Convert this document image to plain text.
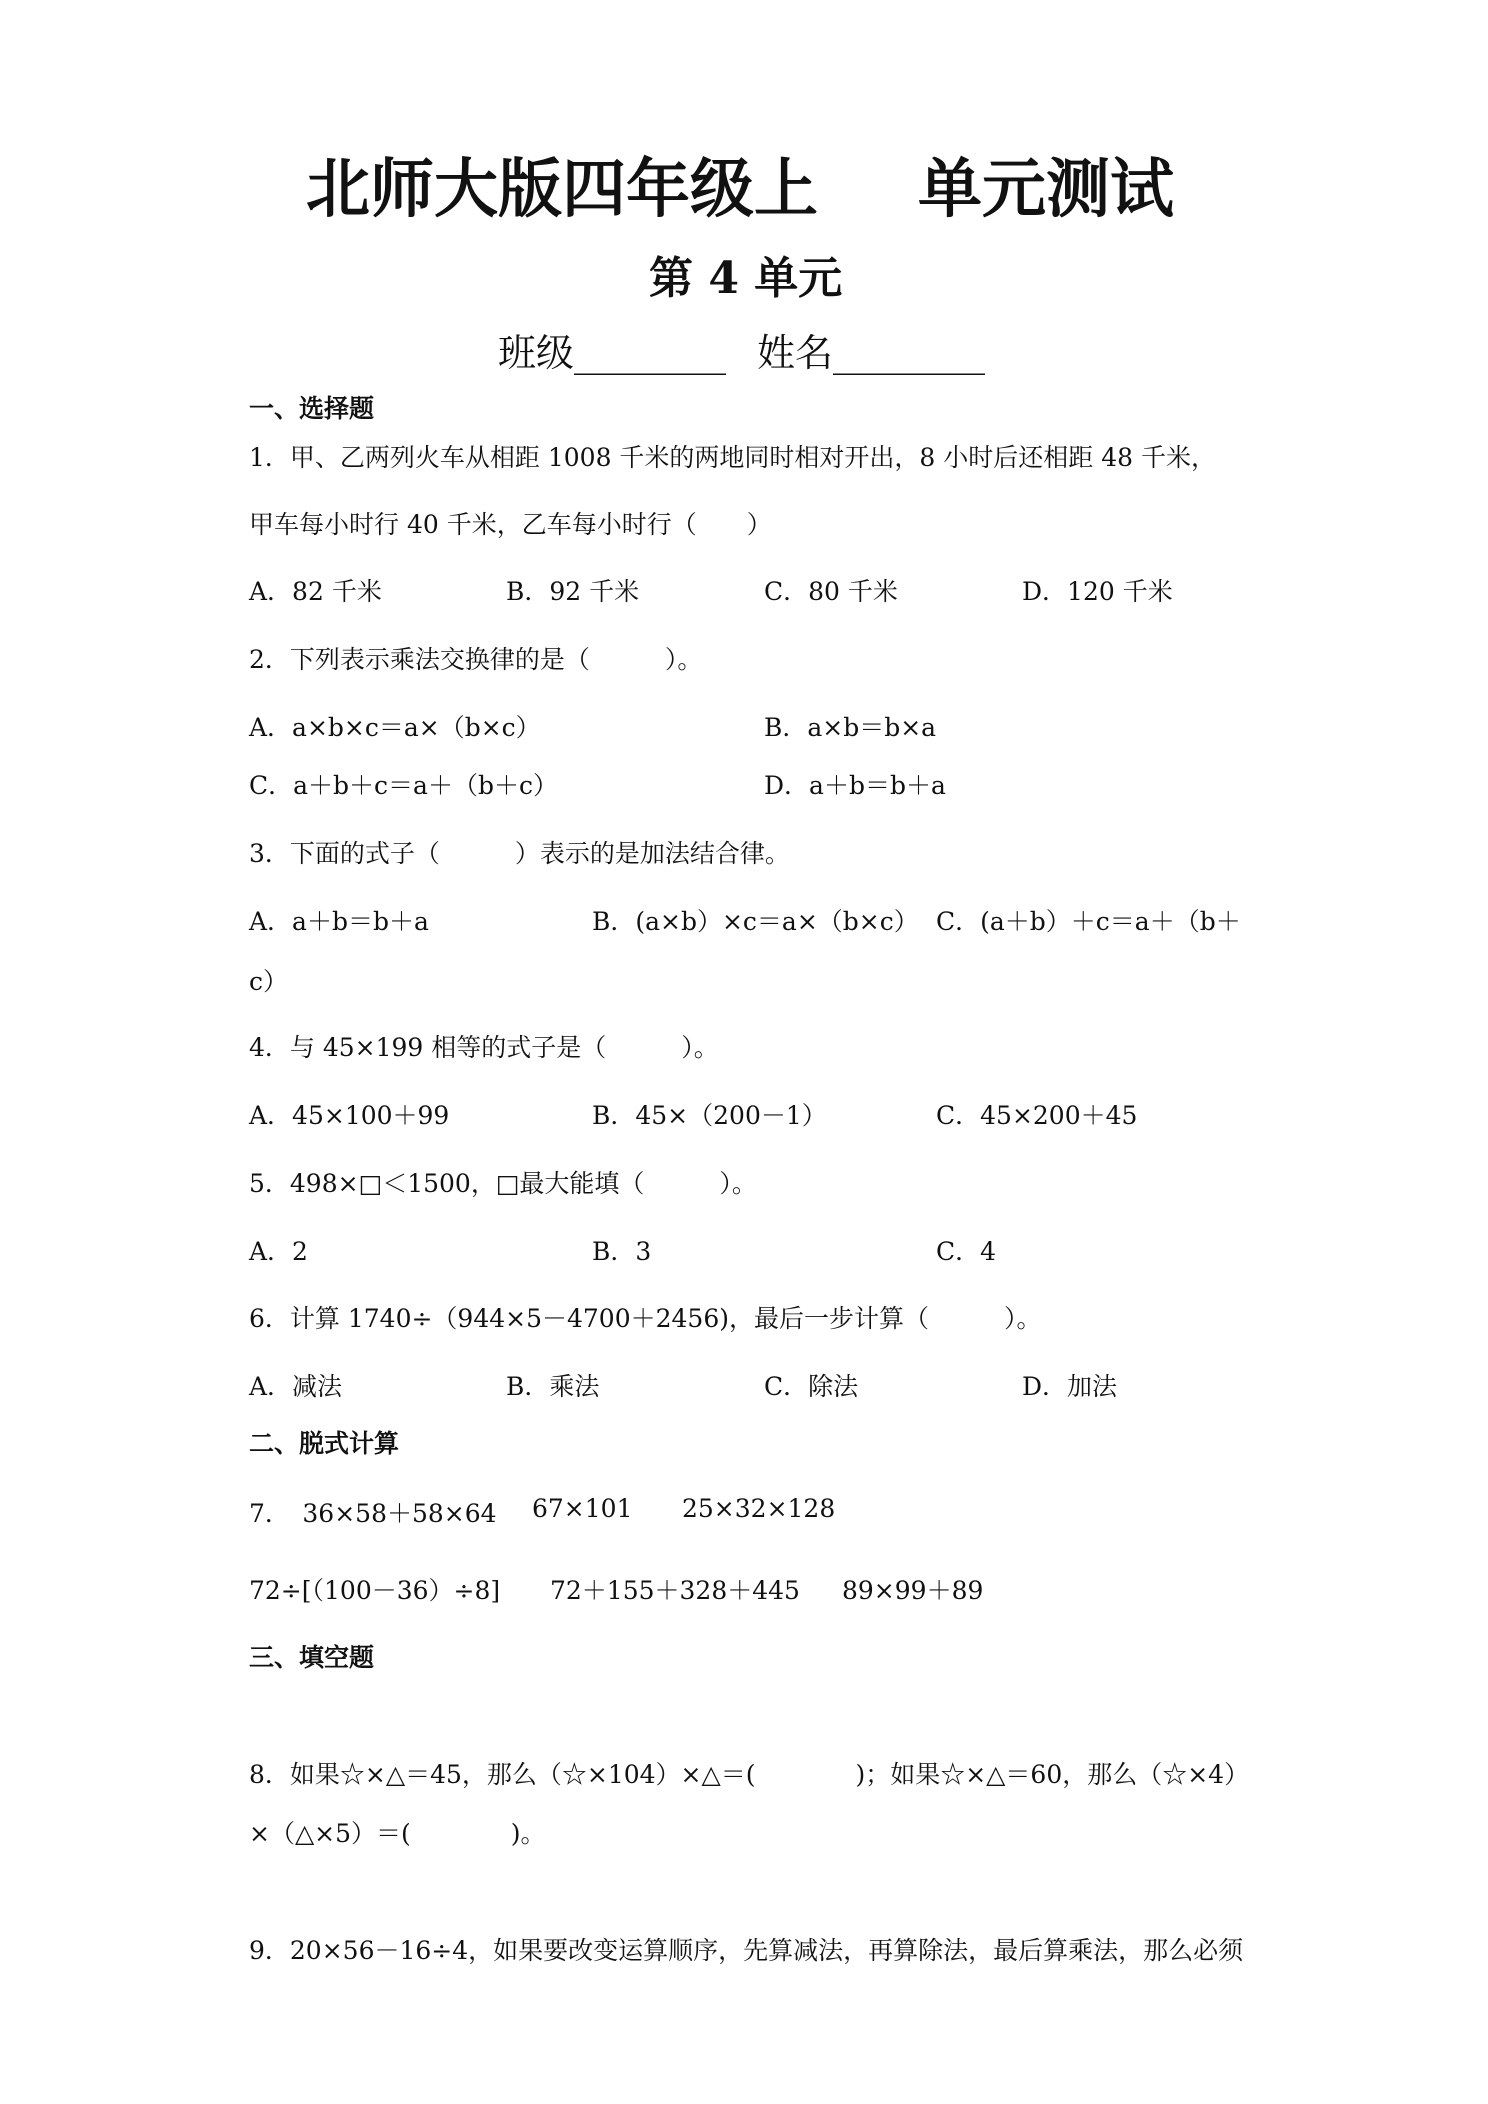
北师大版四年级上 单元测试
第 4 单元
班级________ 姓名________
一、选择题
1．甲、乙两列火车从相距 1008 千米的两地同时相对开出，8 小时后还相距 48 千米，
甲车每小时行 40 千米，乙车每小时行（　　）
A．82 千米	B．92 千米	C．80 千米	D．120 千米
2．下列表示乘法交换律的是（　　　）。
A．a×b×c＝a×（b×c）	B．a×b＝b×a
C．a＋b＋c＝a＋（b＋c）	D．a＋b＝b＋a
3．下面的式子（　　　）表示的是加法结合律。
A．a＋b＝b＋a	B．(a×b）×c＝a×（b×c） C．(a＋b）＋c＝a＋（b＋
c）
4．与 45×199 相等的式子是（　　　）。
A．45×100＋99	B．45×（200－1）	C．45×200＋45
5．498×□＜1500，□最大能填（　　　）。
A．2	B．3	C．4
6．计算 1740÷（944×5－4700＋2456)，最后一步计算（　　　）。
A．减法	B．乘法	C．除法	D．加法
二、脱式计算
7．　36×58＋58×64 67×101 25×32×128
72÷[（100－36）÷8] 72＋155＋328＋445 89×99＋89
三、填空题
8．如果☆×△＝45，那么（☆×104）×△＝(　　　　)；如果☆×△＝60，那么（☆×4）
×（△×5）＝(　　　　)。
9．20×56－16÷4，如果要改变运算顺序，先算减法，再算除法，最后算乘法，那么必须
